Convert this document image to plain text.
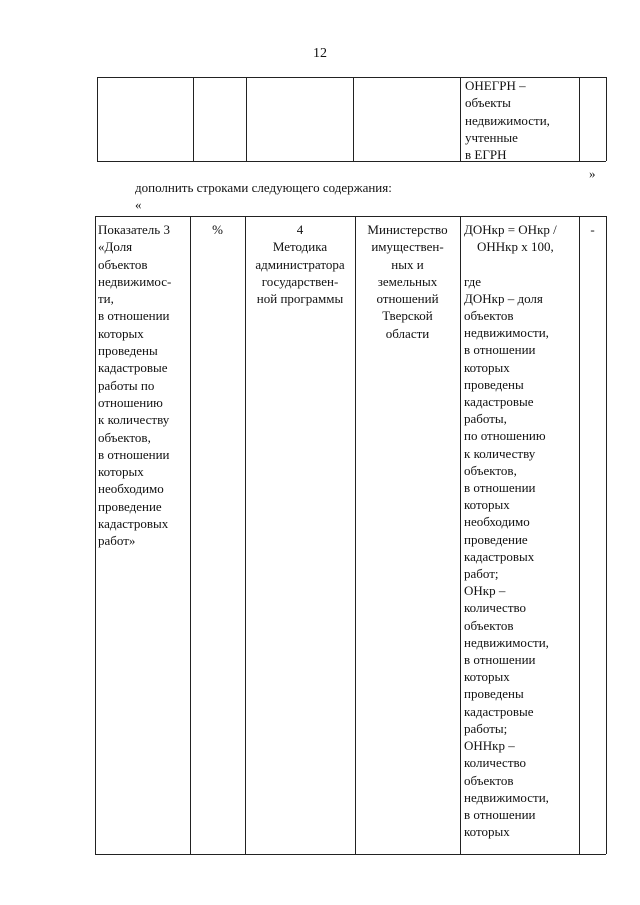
12
ОНЕГРН –
объекты
недвижимости,
учтенные
в ЕГРН
»
дополнить строками следующего содержания:
«
Показатель 3
«Доля
объектов
недвижимос-
ти,
в отношении
которых
проведены
кадастровые
работы по
отношению
к количеству
объектов,
в отношении
которых
необходимо
проведение
кадастровых
работ»
%	4
Методика
администратора
государствен-
ной программы
Министерство
имуществен-
ных и
земельных
отношений
Тверской
области
ДОНкр = ОНкр /
ОННкр х 100,

где
ДОНкр – доля
объектов
недвижимости,
в отношении
которых
проведены
кадастровые
работы,
по отношению
к количеству
объектов,
в отношении
которых
необходимо
проведение
кадастровых
работ;
ОНкр –
количество
объектов
недвижимости,
в отношении
которых
проведены
кадастровые
работы;
ОННкр –
количество
объектов
недвижимости,
в отношении
которых
-
